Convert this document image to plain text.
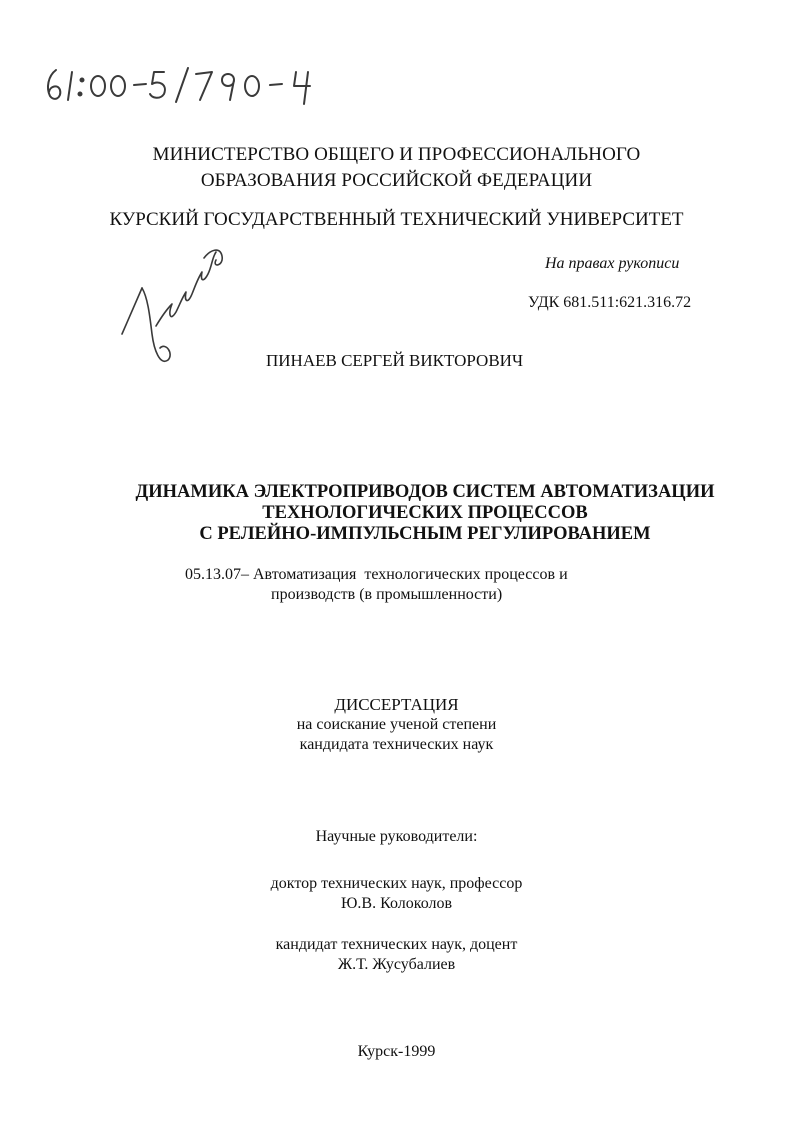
МИНИСТЕРСТВО ОБЩЕГО И ПРОФЕССИОНАЛЬНОГО
ОБРАЗОВАНИЯ РОССИЙСКОЙ ФЕДЕРАЦИИ
КУРСКИЙ ГОСУДАРСТВЕННЫЙ ТЕХНИЧЕСКИЙ УНИВЕРСИТЕТ
На правах рукописи
УДК 681.511:621.316.72
ПИНАЕВ СЕРГЕЙ ВИКТОРОВИЧ
ДИНАМИКА ЭЛЕКТРОПРИВОДОВ СИСТЕМ АВТОМАТИЗАЦИИ
ТЕХНОЛОГИЧЕСКИХ ПРОЦЕССОВ
С РЕЛЕЙНО-ИМПУЛЬСНЫМ РЕГУЛИРОВАНИЕМ
05.13.07– Автоматизация  технологических процессов и
производств (в промышленности)
ДИССЕРТАЦИЯ
на соискание ученой степени
кандидата технических наук
Научные руководители:
доктор технических наук, профессор
Ю.В. Колоколов
кандидат технических наук, доцент
Ж.Т. Жусубалиев
Курск-1999
